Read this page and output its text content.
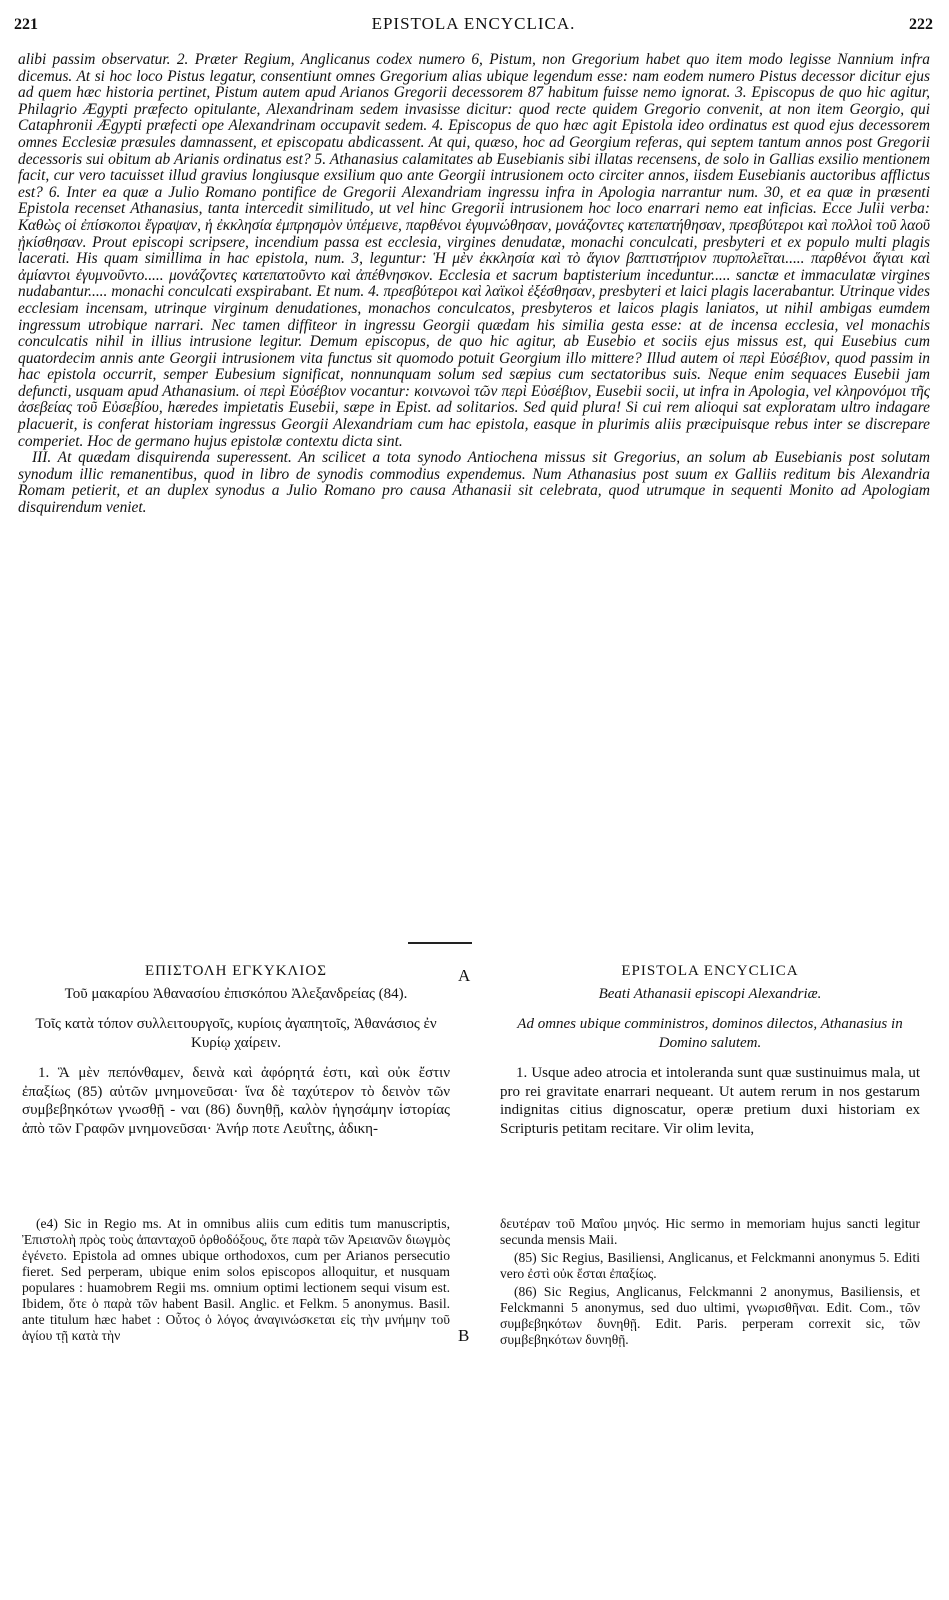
221	EPISTOLA ENCYCLICA.	222

alibi passim observatur. 2. Præter Regium, Anglicanus codex numero 6, Pistum, non Gregorium habet quo item modo legisse Nannium infra dicemus. At si hoc loco Pistus legatur, consentiunt omnes Gregorium alias ubique legendum esse: nam eodem numero Pistus decessor dicitur ejus ad quem hæc historia pertinet, Pistum autem apud Arianos Gregorii decessorem 87 habitum fuisse nemo ignorat. 3. Episcopus de quo hic agitur, Philagrio Ægypti præfecto opitulante, Alexandrinam sedem invasisse dicitur: quod recte quidem Gregorio convenit, at non item Georgio, qui Cataphronii Ægypti præfecti ope Alexandrinam occupavit sedem. 4. Episcopus de quo hæc agit Epistola ideo ordinatus est quod ejus decessorem omnes Ecclesiæ præsules damnassent, et episcopatu abdicassent. At qui, quæso, hoc ad Georgium referas, qui septem tantum annos post Gregorii decessoris sui obitum ab Arianis ordinatus est? 5. Athanasius calamitates ab Eusebianis sibi illatas recensens, de solo in Gallias exsilio mentionem facit, cur vero tacuisset illud gravius longiusque exsilium quo ante Georgii intrusionem octo circiter annos, iisdem Eusebianis auctoribus afflictus est? 6. Inter ea quæ a Julio Romano pontifice de Gregorii Alexandriam ingressu infra in Apologia narrantur num. 30, et ea quæ in præsenti Epistola recenset Athanasius, tanta intercedit similitudo, ut vel hinc Gregorii intrusionem hoc loco enarrari nemo eat inficias. Ecce Julii verba: Καθὼς οἱ ἐπίσκοποι ἔγραψαν, ἡ ἐκκλησία ἐμπρησμὸν ὑπέμεινε, παρθένοι ἐγυμνώθησαν, μονάζοντες κατεπατήθησαν, πρεσβύτεροι καὶ πολλοὶ τοῦ λαοῦ ᾐκίσθησαν. Prout episcopi scripsere, incendium passa est ecclesia, virgines denudatæ, monachi conculcati, presbyteri et ex populo multi plagis lacerati. His quam simillima in hac epistola, num. 3, leguntur: Ἡ μὲν ἐκκλησία καὶ τὸ ἅγιον βαπτιστήριον πυρπολεῖται..... παρθένοι ἅγιαι καὶ ἀμίαντοι ἐγυμνοῦντο..... μονάζοντες κατεπατοῦντο καὶ ἀπέθνησκον. Ecclesia et sacrum baptisterium inceduntur..... sanctæ et immaculatæ virgines nudabantur..... monachi conculcati exspirabant. Et num. 4. πρεσβύτεροι καὶ λαϊκοὶ ἐξέσθησαν, presbyteri et laici plagis lacerabantur. Utrinque vides ecclesiam incensam, utrinque virginum denudationes, monachos conculcatos, presbyteros et laicos plagis laniatos, ut nihil ambigas eumdem ingressum utrobique narrari. Nec tamen diffiteor in ingressu Georgii quædam his similia gesta esse: at de incensa ecclesia, vel monachis conculcatis nihil in illius intrusione legitur. Demum episcopus, de quo hic agitur, ab Eusebio et sociis ejus missus est, qui Eusebius cum quatordecim annis ante Georgii intrusionem vita functus sit quomodo potuit Georgium illo mittere? Illud autem οἱ περὶ Εὐσέβιον, quod passim in hac epistola occurrit, semper Eubesium significat, nonnunquam solum sed sæpius cum sectatoribus suis. Neque enim sequaces Eusebii jam defuncti, usquam apud Athanasium. οἱ περὶ Εὐσέβιον vocantur: κοινωνοὶ τῶν περὶ Εὐσέβιον, Eusebii socii, ut infra in Apologia, vel κληρονόμοι τῆς ἀσεβείας τοῦ Εὐσεβίου, hæredes impietatis Eusebii, sæpe in Epist. ad solitarios. Sed quid plura! Si cui rem alioqui sat exploratam ultro indagare placuerit, is conferat historiam ingressus Georgii Alexandriam cum hac epistola, easque in plurimis aliis præcipuisque rebus inter se discrepare comperiet. Hoc de germano hujus epistolæ contextu dicta sint.

III. At quædam disquirenda superessent. An scilicet a tota synodo Antiochena missus sit Gregorius, an solum ab Eusebianis post solutam synodum illic remanentibus, quod in libro de synodis commodius expendemus. Num Athanasius post suum ex Galliis reditum bis Alexandria Romam petierit, et an duplex synodus a Julio Romano pro causa Athanasii sit celebrata, quod utrumque in sequenti Monito ad Apologiam disquirendum veniet.

ΕΠΙΣΤΟΛΗ ΕΓΚΥΚΛΙΟΣ
Τοῦ μακαρίου Ἀθανασίου ἐπισκόπου Ἀλεξανδρείας (84).
Τοῖς κατὰ τόπον συλλειτουργοῖς, κυρίοις ἀγαπητοῖς, Ἀθανάσιος ἐν Κυρίῳ χαίρειν.

1. Ἃ μὲν πεπόνθαμεν, δεινὰ καὶ ἀφόρητά ἐστι, καὶ οὐκ ἔστιν ἐπαξίως (85) αὐτῶν μνημονεῦσαι· ἵνα δὲ ταχύτερον τὸ δεινὸν τῶν συμβεβηκότων γνωσθῇ - ναι (86) δυνηθῇ, καλὸν ἡγησάμην ἱστορίας ἀπὸ τῶν Γραφῶν μνημονεῦσαι· Ἀνήρ ποτε Λευΐτης, ἀδικη-

A	EPISTOLA ENCYCLICA
Beati Athanasii episcopi Alexandriæ.
Ad omnes ubique comministros, dominos dilectos, Athanasius in Domino salutem.

1. Usque adeo atrocia et intoleranda sunt quæ sustinuimus mala, ut pro rei gravitate enarrari nequeant. Ut autem rerum in nos gestarum indignitas citius dignoscatur, operæ pretium duxi historiam ex Scripturis petitam recitare. Vir olim levita,

(e4) Sic in Regio ms. At in omnibus aliis cum editis tum manuscriptis, Ἐπιστολὴ πρὸς τοὺς ἀπανταχοῦ ὀρθοδόξους, ὅτε παρὰ τῶν Ἀρειανῶν διωγμὸς ἐγένετο. Epistola ad omnes ubique orthodoxos, cum per Arianos persecutio fieret. Sed perperam, ubique enim solos episcopos alloquitur, et nusquam populares : huamobrem Regii ms. omnium optimi lectionem sequi visum est. Ibidem, ὅτε ὁ παρὰ τῶν habent Basil. Anglic. et Felkm. 5 anonymus. Basil. ante titulum hæc habet : Οὗτος ὁ λόγος ἀναγινώσκεται εἰς τὴν μνήμην τοῦ ἁγίου τῇ κατὰ τὴν	B

δευτέραν τοῦ Μαΐου μηνός. Hic sermo in memoriam hujus sancti legitur secunda mensis Maii.

(85) Sic Regius, Basiliensi, Anglicanus, et Felckmanni anonymus 5. Editi vero ἐστὶ οὐκ ἔσται ἐπαξίως.

(86) Sic Regius, Anglicanus, Felckmanni 2 anonymus, Basiliensis, et Felckmanni 5 anonymus, sed duo ultimi, γνωρισθῆναι. Edit. Com., τῶν συμβεβηκότων δυνηθῇ. Edit. Paris. perperam correxit sic, τῶν συμβεβηκότων δυνηθῇ.
